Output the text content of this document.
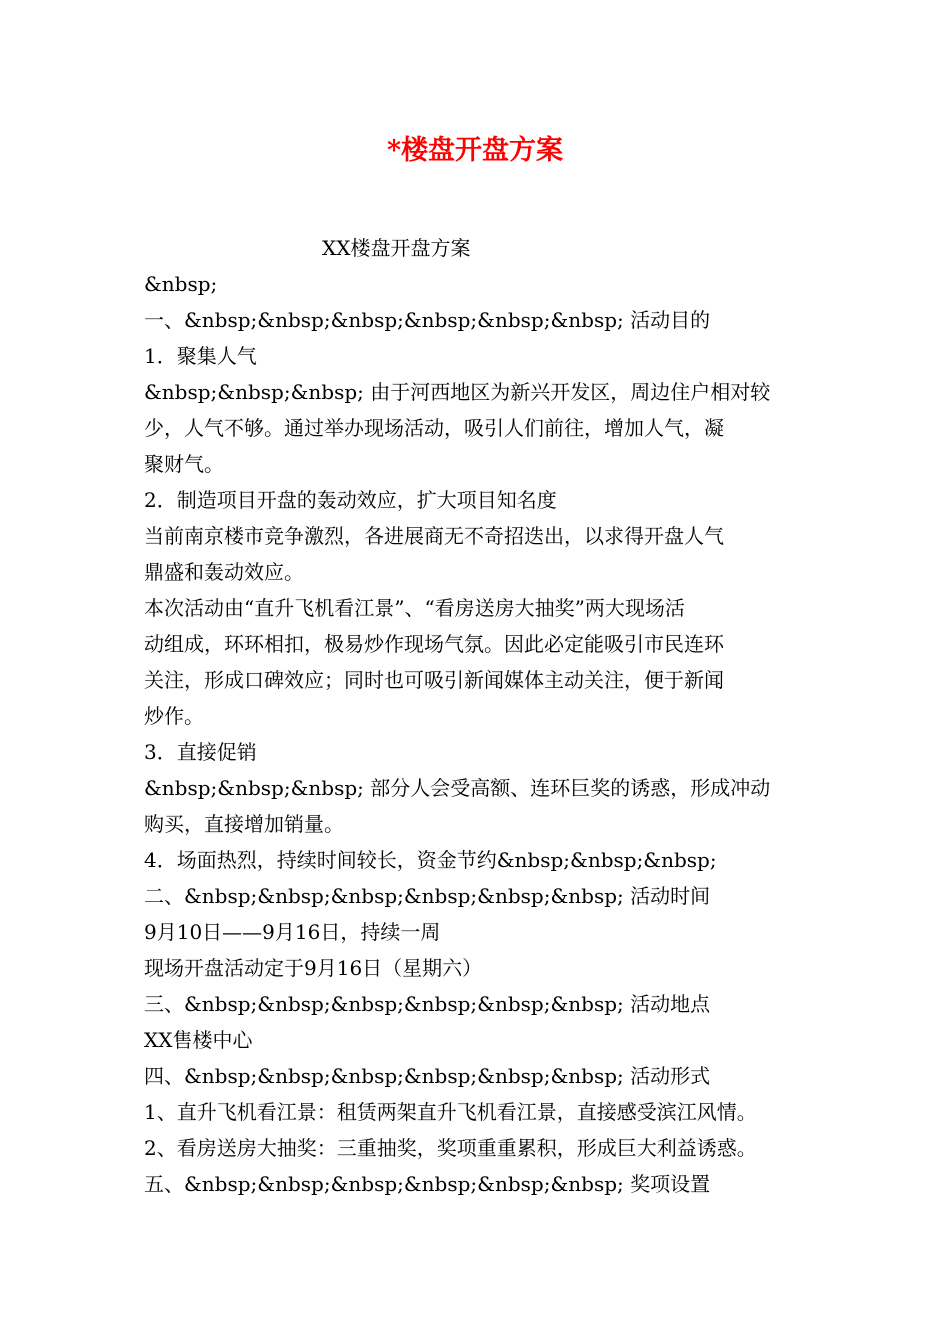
*楼盘开盘方案
XX楼盘开盘方案
&nbsp;
一、&nbsp;&nbsp;&nbsp;&nbsp;&nbsp;&nbsp; 活动目的
1．聚集人气
&nbsp;&nbsp;&nbsp; 由于河西地区为新兴开发区，周边住户相对较
少，人气不够。通过举办现场活动，吸引人们前往，增加人气，凝
聚财气。
2．制造项目开盘的轰动效应，扩大项目知名度
当前南京楼市竞争激烈，各进展商无不奇招迭出，以求得开盘人气
鼎盛和轰动效应。
本次活动由“直升飞机看江景”、“看房送房大抽奖”两大现场活
动组成，环环相扣，极易炒作现场气氛。因此必定能吸引市民连环
关注，形成口碑效应；同时也可吸引新闻媒体主动关注，便于新闻
炒作。
3．直接促销
&nbsp;&nbsp;&nbsp; 部分人会受高额、连环巨奖的诱惑，形成冲动
购买，直接增加销量。
4．场面热烈，持续时间较长，资金节约&nbsp;&nbsp;&nbsp;
二、&nbsp;&nbsp;&nbsp;&nbsp;&nbsp;&nbsp; 活动时间
9月10日——9月16日，持续一周
现场开盘活动定于9月16日（星期六）
三、&nbsp;&nbsp;&nbsp;&nbsp;&nbsp;&nbsp; 活动地点
XX售楼中心
四、&nbsp;&nbsp;&nbsp;&nbsp;&nbsp;&nbsp; 活动形式
1、直升飞机看江景：租赁两架直升飞机看江景，直接感受滨江风情。
2、看房送房大抽奖：三重抽奖，奖项重重累积，形成巨大利益诱惑。
五、&nbsp;&nbsp;&nbsp;&nbsp;&nbsp;&nbsp; 奖项设置
